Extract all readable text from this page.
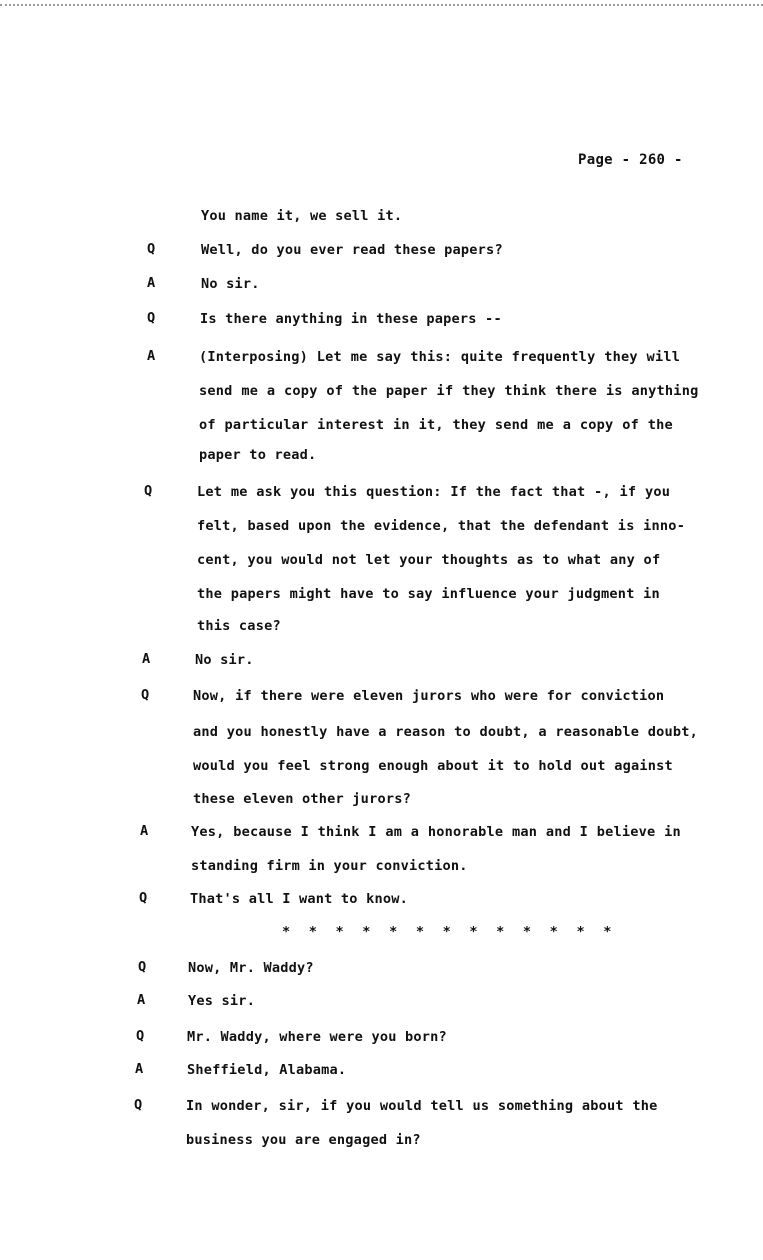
Page - 260 -
You name it, we sell it.
Q	Well, do you ever read these papers?
A	No sir.
Q	Is there anything in these papers --
A	(Interposing) Let me say this: quite frequently they will
send me a copy of the paper if they think there is anything
of particular interest in it, they send me a copy of the
paper to read.
Q	Let me ask you this question: If the fact that -, if you
felt, based upon the evidence, that the defendant is inno-
cent, you would not let your thoughts as to what any of
the papers might have to say influence your judgment in
this case?
A	No sir.
Q	Now, if there were eleven jurors who were for conviction
and you honestly have a reason to doubt, a reasonable doubt,
would you feel strong enough about it to hold out against
these eleven other jurors?
A	Yes, because I think I am a honorable man and I believe in
standing firm in your conviction.
Q	That's all I want to know.
* * * * * * * * * * * * *
Q	Now, Mr. Waddy?
A	Yes sir.
Q	Mr. Waddy, where were you born?
A	Sheffield, Alabama.
Q	In wonder, sir, if you would tell us something about the
business you are engaged in?
